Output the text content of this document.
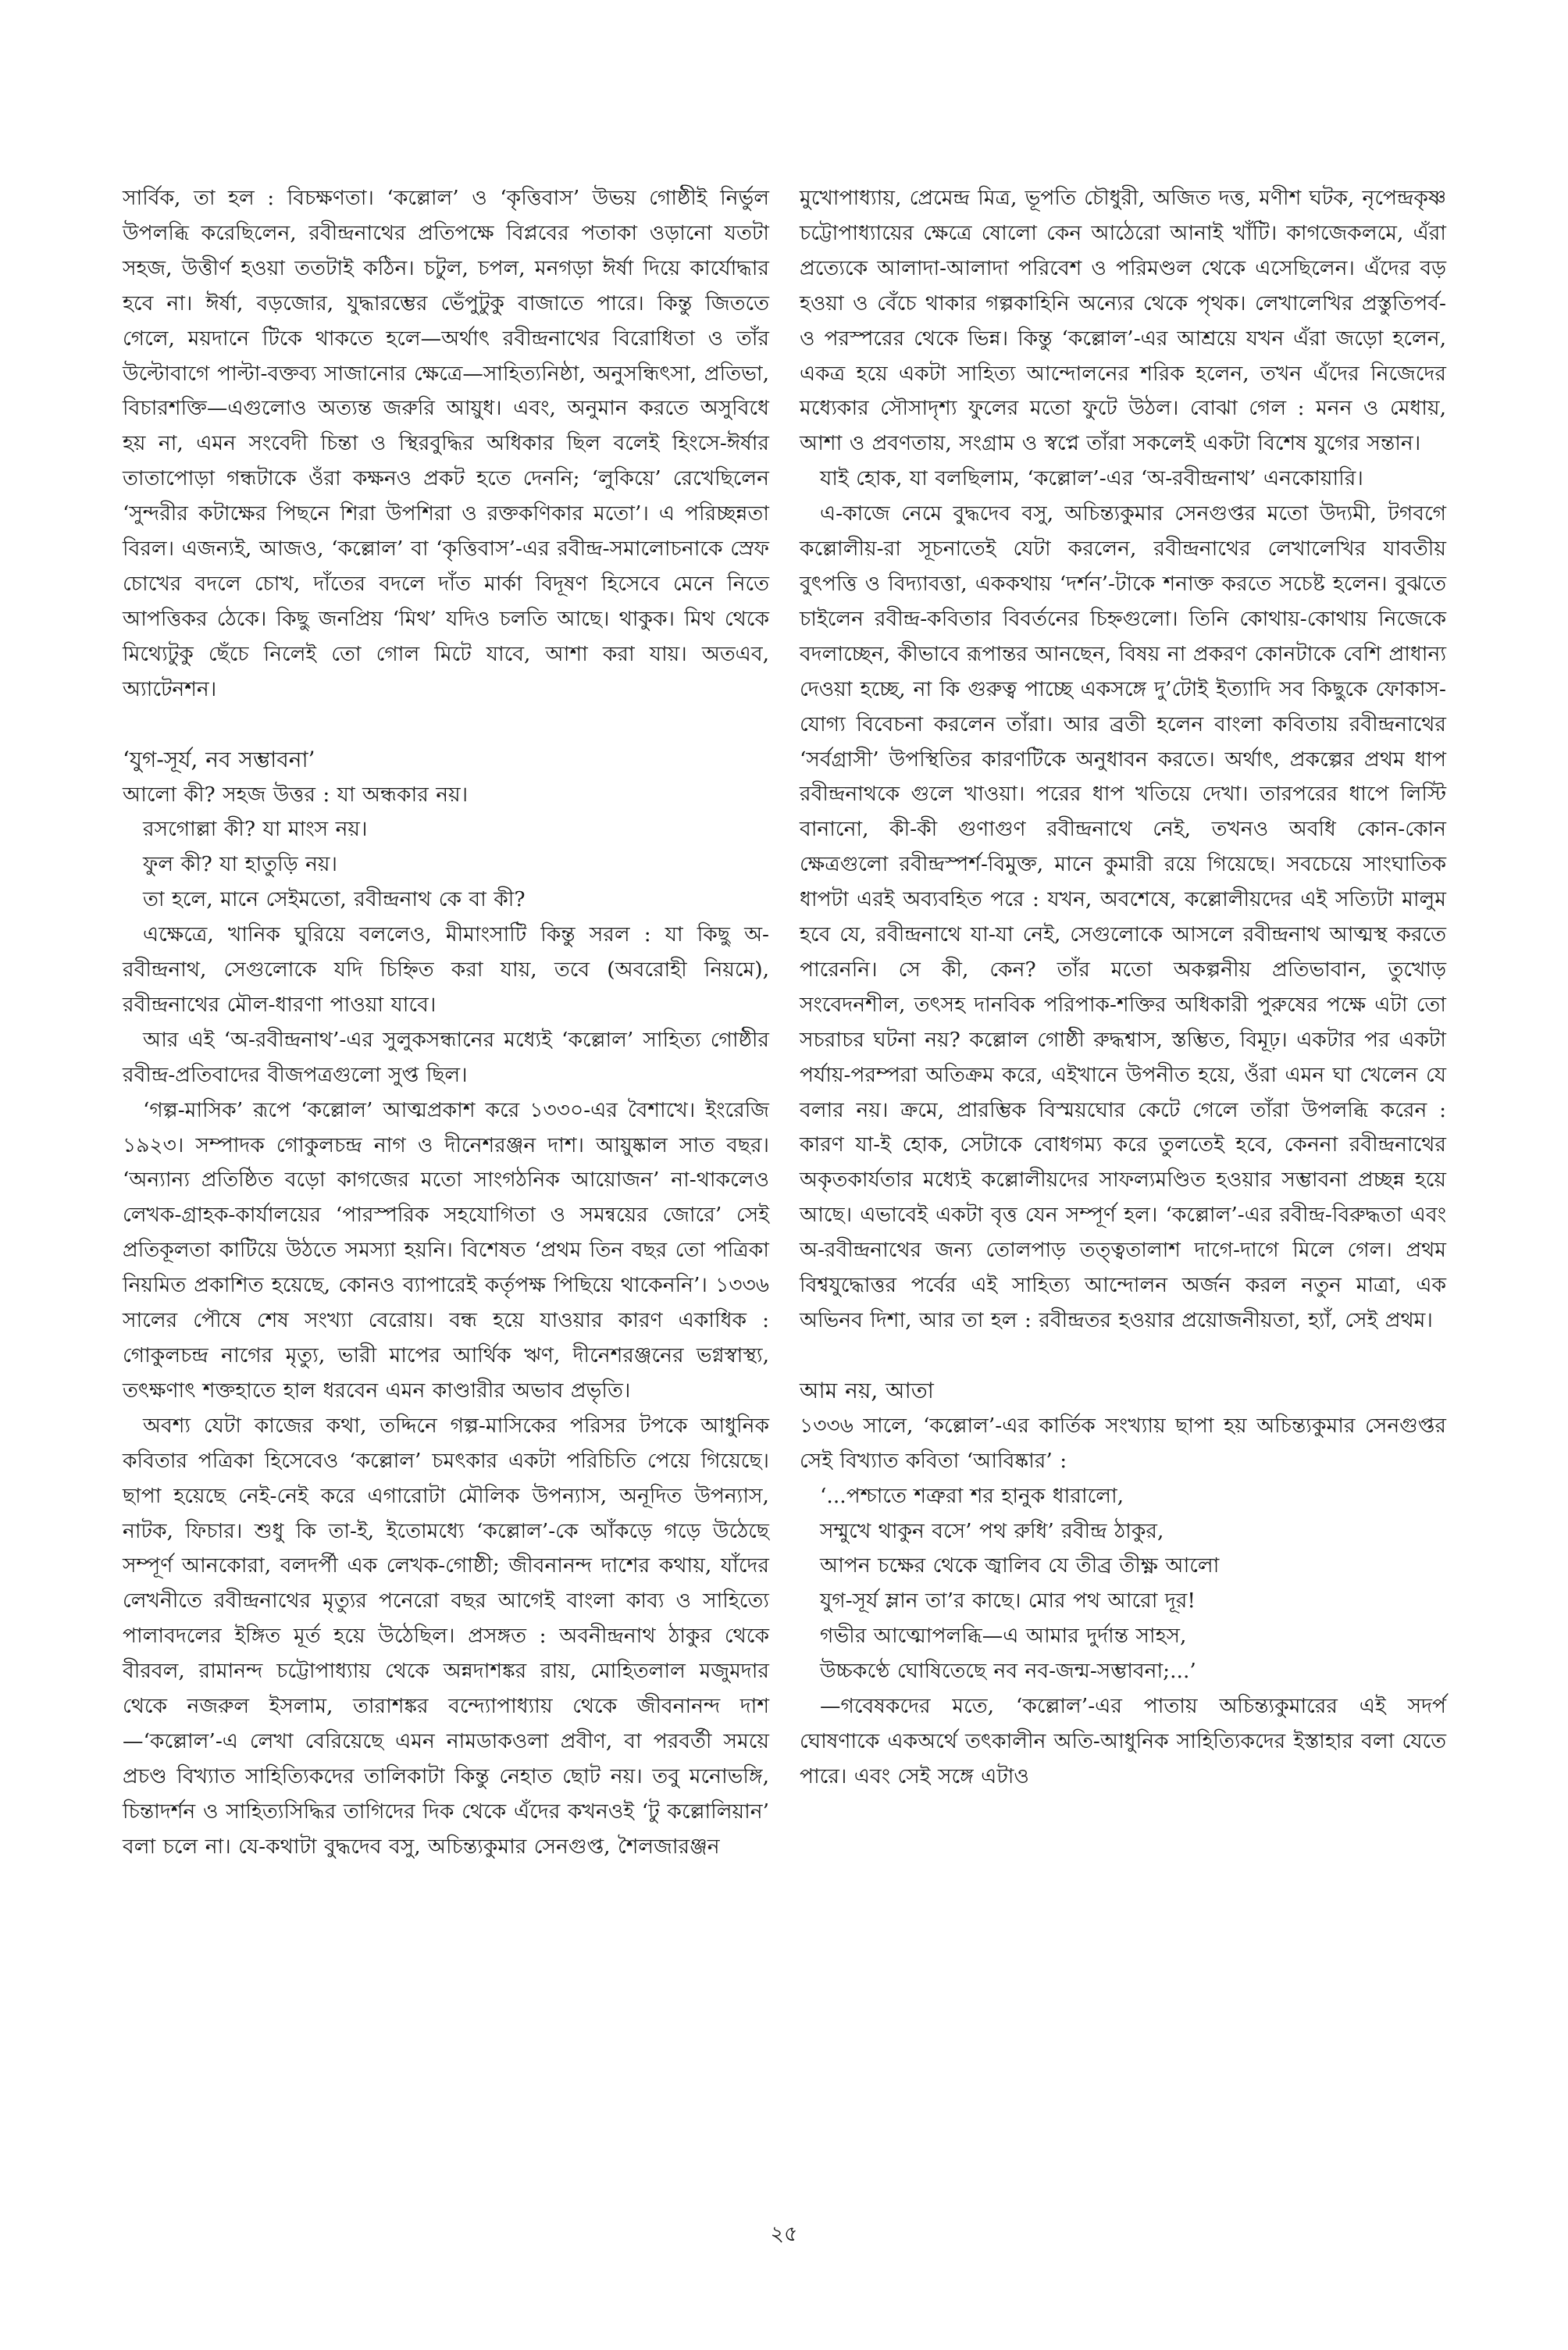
সার্বিক, তা হল : বিচক্ষণতা। ‘কল্লোল’ ও ‘কৃত্তিবাস’ উভয় গোষ্ঠীই নির্ভুল উপলব্ধি করেছিলেন, রবীন্দ্রনাথের প্রতিপক্ষে বিপ্লবের পতাকা ওড়ানো যতটা সহজ, উত্তীর্ণ হওয়া ততটাই কঠিন। চটুল, চপল, মনগড়া ঈর্ষা দিয়ে কার্যোদ্ধার হবে না। ঈর্ষা, বড়জোর, যুদ্ধারম্ভের ভেঁপুটুকু বাজাতে পারে। কিন্তু জিততে গেলে, ময়দানে টিকে থাকতে হলে—অর্থাৎ রবীন্দ্রনাথের বিরোধিতা ও তাঁর উল্টোবাগে পাল্টা-বক্তব্য সাজানোর ক্ষেত্রে—সাহিত্যনিষ্ঠা, অনুসন্ধিৎসা, প্রতিভা, বিচারশক্তি—এগুলোও অত্যন্ত জরুরি আয়ুধ। এবং, অনুমান করতে অসুবিধে হয় না, এমন সংবেদী চিন্তা ও স্থিরবুদ্ধির অধিকার ছিল বলেই হিংসে-ঈর্ষার তাতাপোড়া গন্ধটাকে ওঁরা কক্ষনও প্রকট হতে দেননি; ‘লুকিয়ে’ রেখেছিলেন ‘সুন্দরীর কটাক্ষের পিছনে শিরা উপশিরা ও রক্তকণিকার মতো’। এ পরিচ্ছন্নতা বিরল। এজন্যই, আজও, ‘কল্লোল’ বা ‘কৃত্তিবাস’-এর রবীন্দ্র-সমালোচনাকে স্রেফ চোখের বদলে চোখ, দাঁতের বদলে দাঁত মার্কা বিদূষণ হিসেবে মেনে নিতে আপত্তিকর ঠেকে। কিছু জনপ্রিয় ‘মিথ’ যদিও চলতি আছে। থাকুক। মিথ থেকে মিথ্যেটুকু ছেঁচে নিলেই তো গোল মিটে যাবে, আশা করা যায়। অতএব, অ্যাটেনশন।

‘যুগ-সূর্য, নব সম্ভাবনা’

আলো কী? সহজ উত্তর : যা অন্ধকার নয়।

রসগোল্লা কী? যা মাংস নয়।

ফুল কী? যা হাতুড়ি নয়।

তা হলে, মানে সেইমতো, রবীন্দ্রনাথ কে বা কী?

এক্ষেত্রে, খানিক ঘুরিয়ে বললেও, মীমাংসাটি কিন্তু সরল : যা কিছু অ-রবীন্দ্রনাথ, সেগুলোকে যদি চিহ্নিত করা যায়, তবে (অবরোহী নিয়মে), রবীন্দ্রনাথের মৌল-ধারণা পাওয়া যাবে।

আর এই ‘অ-রবীন্দ্রনাথ’-এর সুলুকসন্ধানের মধ্যেই ‘কল্লোল’ সাহিত্য গোষ্ঠীর রবীন্দ্র-প্রতিবাদের বীজপত্রগুলো সুপ্ত ছিল।

‘গল্প-মাসিক’ রূপে ‘কল্লোল’ আত্মপ্রকাশ করে ১৩৩০-এর বৈশাখে। ইংরেজি ১৯২৩। সম্পাদক গোকুলচন্দ্র নাগ ও দীনেশরঞ্জন দাশ। আয়ুষ্কাল সাত বছর। ‘অন্যান্য প্রতিষ্ঠিত বড়ো কাগজের মতো সাংগঠনিক আয়োজন’ না-থাকলেও লেখক-গ্রাহক-কার্যালয়ের ‘পারস্পরিক সহযোগিতা ও সমন্বয়ের জোরে’ সেই প্রতিকূলতা কাটিয়ে উঠতে সমস্যা হয়নি। বিশেষত ‘প্রথম তিন বছর তো পত্রিকা নিয়মিত প্রকাশিত হয়েছে, কোনও ব্যাপারেই কর্তৃপক্ষ পিছিয়ে থাকেননি’। ১৩৩৬ সালের পৌষে শেষ সংখ্যা বেরোয়। বন্ধ হয়ে যাওয়ার কারণ একাধিক : গোকুলচন্দ্র নাগের মৃত্যু, ভারী মাপের আর্থিক ঋণ, দীনেশরঞ্জনের ভগ্নস্বাস্থ্য, তৎক্ষণাৎ শক্তহাতে হাল ধরবেন এমন কাণ্ডারীর অভাব প্রভৃতি।

অবশ্য যেটা কাজের কথা, তদ্দিনে গল্প-মাসিকের পরিসর টপকে আধুনিক কবিতার পত্রিকা হিসেবেও ‘কল্লোল’ চমৎকার একটা পরিচিতি পেয়ে গিয়েছে। ছাপা হয়েছে নেই-নেই করে এগারোটা মৌলিক উপন্যাস, অনূদিত উপন্যাস, নাটক, ফিচার। শুধু কি তা-ই, ইতোমধ্যে ‘কল্লোল’-কে আঁকড়ে গড়ে উঠেছে সম্পূর্ণ আনকোরা, বলদর্পী এক লেখক-গোষ্ঠী; জীবনানন্দ দাশের কথায়, যাঁদের লেখনীতে রবীন্দ্রনাথের মৃত্যুর পনেরো বছর আগেই বাংলা কাব্য ও সাহিত্যে পালাবদলের ইঙ্গিত মূর্ত হয়ে উঠেছিল। প্রসঙ্গত : অবনীন্দ্রনাথ ঠাকুর থেকে বীরবল, রামানন্দ চট্টোপাধ্যায় থেকে অন্নদাশঙ্কর রায়, মোহিতলাল মজুমদার থেকে নজরুল ইসলাম, তারাশঙ্কর বন্দ্যোপাধ্যায় থেকে জীবনানন্দ দাশ—‘কল্লোল’-এ লেখা বেরিয়েছে এমন নামডাকওলা প্রবীণ, বা পরবর্তী সময়ে প্রচণ্ড বিখ্যাত সাহিত্যিকদের তালিকাটা কিন্তু নেহাত ছোট নয়। তবু মনোভঙ্গি, চিন্তাদর্শন ও সাহিত্যসিদ্ধির তাগিদের দিক থেকে এঁদের কখনওই ‘টু কল্লোলিয়ান’ বলা চলে না। যে-কথাটা বুদ্ধদেব বসু, অচিন্ত্যকুমার সেনগুপ্ত, শৈলজারঞ্জন

মুখোপাধ্যায়, প্রেমেন্দ্র মিত্র, ভূপতি চৌধুরী, অজিত দত্ত, মণীশ ঘটক, নৃপেন্দ্রকৃষ্ণ চট্টোপাধ্যায়ের ক্ষেত্রে ষোলো কেন আঠেরো আনাই খাঁটি। কাগজেকলমে, এঁরা প্রত্যেকে আলাদা-আলাদা পরিবেশ ও পরিমণ্ডল থেকে এসেছিলেন। এঁদের বড় হওয়া ও বেঁচে থাকার গল্পকাহিনি অন্যের থেকে পৃথক। লেখালেখির প্রস্তুতিপর্ব-ও পরস্পরের থেকে ভিন্ন। কিন্তু ‘কল্লোল’-এর আশ্রয়ে যখন এঁরা জড়ো হলেন, একত্র হয়ে একটা সাহিত্য আন্দোলনের শরিক হলেন, তখন এঁদের নিজেদের মধ্যেকার সৌসাদৃশ্য ফুলের মতো ফুটে উঠল। বোঝা গেল : মনন ও মেধায়, আশা ও প্রবণতায়, সংগ্রাম ও স্বপ্নে তাঁরা সকলেই একটা বিশেষ যুগের সন্তান।

যাই হোক, যা বলছিলাম, ‘কল্লোল’-এর ‘অ-রবীন্দ্রনাথ’ এনকোয়ারি।

এ-কাজে নেমে বুদ্ধদেব বসু, অচিন্ত্যকুমার সেনগুপ্তর মতো উদ্যমী, টগবগে কল্লোলীয়-রা সূচনাতেই যেটা করলেন, রবীন্দ্রনাথের লেখালেখির যাবতীয় বুৎপত্তি ও বিদ্যাবত্তা, এককথায় ‘দর্শন’-টাকে শনাক্ত করতে সচেষ্ট হলেন। বুঝতে চাইলেন রবীন্দ্র-কবিতার বিবর্তনের চিহ্নগুলো। তিনি কোথায়-কোথায় নিজেকে বদলাচ্ছেন, কীভাবে রূপান্তর আনছেন, বিষয় না প্রকরণ কোনটাকে বেশি প্রাধান্য দেওয়া হচ্ছে, না কি গুরুত্ব পাচ্ছে একসঙ্গে দু’টোই ইত্যাদি সব কিছুকে ফোকাস-যোগ্য বিবেচনা করলেন তাঁরা। আর ব্রতী হলেন বাংলা কবিতায় রবীন্দ্রনাথের ‘সর্বগ্রাসী’ উপস্থিতির কারণটিকে অনুধাবন করতে। অর্থাৎ, প্রকল্পের প্রথম ধাপ রবীন্দ্রনাথকে গুলে খাওয়া। পরের ধাপ খতিয়ে দেখা। তারপরের ধাপে লিস্টি বানানো, কী-কী গুণাগুণ রবীন্দ্রনাথে নেই, তখনও অবধি কোন-কোন ক্ষেত্রগুলো রবীন্দ্রস্পর্শ-বিমুক্ত, মানে কুমারী রয়ে গিয়েছে। সবচেয়ে সাংঘাতিক ধাপটা এরই অব্যবহিত পরে : যখন, অবশেষে, কল্লোলীয়দের এই সত্যিটা মালুম হবে যে, রবীন্দ্রনাথে যা-যা নেই, সেগুলোকে আসলে রবীন্দ্রনাথ আত্মস্থ করতে পারেননি। সে কী, কেন? তাঁর মতো অকল্পনীয় প্রতিভাবান, তুখোড় সংবেদনশীল, তৎসহ দানবিক পরিপাক-শক্তির অধিকারী পুরুষের পক্ষে এটা তো সচরাচর ঘটনা নয়? কল্লোল গোষ্ঠী রুদ্ধশ্বাস, স্তম্ভিত, বিমূঢ়। একটার পর একটা পর্যায়-পরম্পরা অতিক্রম করে, এইখানে উপনীত হয়ে, ওঁরা এমন ঘা খেলেন যে বলার নয়। ক্রমে, প্রারম্ভিক বিস্ময়ঘোর কেটে গেলে তাঁরা উপলব্ধি করেন : কারণ যা-ই হোক, সেটাকে বোধগম্য করে তুলতেই হবে, কেননা রবীন্দ্রনাথের অকৃতকার্যতার মধ্যেই কল্লোলীয়দের সাফল্যমণ্ডিত হওয়ার সম্ভাবনা প্রচ্ছন্ন হয়ে আছে। এভাবেই একটা বৃত্ত যেন সম্পূর্ণ হল। ‘কল্লোল’-এর রবীন্দ্র-বিরুদ্ধতা এবং অ-রবীন্দ্রনাথের জন্য তোলপাড় তত্ত্বতালাশ দাগে-দাগে মিলে গেল। প্রথম বিশ্বযুদ্ধোত্তর পর্বের এই সাহিত্য আন্দোলন অর্জন করল নতুন মাত্রা, এক অভিনব দিশা, আর তা হল : রবীন্দ্রতর হওয়ার প্রয়োজনীয়তা, হ্যাঁ, সেই প্রথম।

আম নয়, আতা

১৩৩৬ সালে, ‘কল্লোল’-এর কার্তিক সংখ্যায় ছাপা হয় অচিন্ত্যকুমার সেনগুপ্তর সেই বিখ্যাত কবিতা ‘আবিষ্কার’ :

‘...পশ্চাতে শত্রুরা শর হানুক ধারালো,

সম্মুখে থাকুন বসে’ পথ রুধি’ রবীন্দ্র ঠাকুর,

আপন চক্ষের থেকে জ্বালিব যে তীব্র তীক্ষ্ণ আলো

যুগ-সূর্য ম্লান তা’র কাছে। মোর পথ আরো দূর!

গভীর আত্মোপলব্ধি—এ আমার দুর্দান্ত সাহস,

উচ্চকণ্ঠে ঘোষিতেছে নব নব-জন্ম-সম্ভাবনা;...’

—গবেষকদের মতে, ‘কল্লোল’-এর পাতায় অচিন্ত্যকুমারের এই সদর্প ঘোষণাকে একঅর্থে তৎকালীন অতি-আধুনিক সাহিত্যিকদের ইস্তাহার বলা যেতে পারে। এবং সেই সঙ্গে এটাও

২৫
